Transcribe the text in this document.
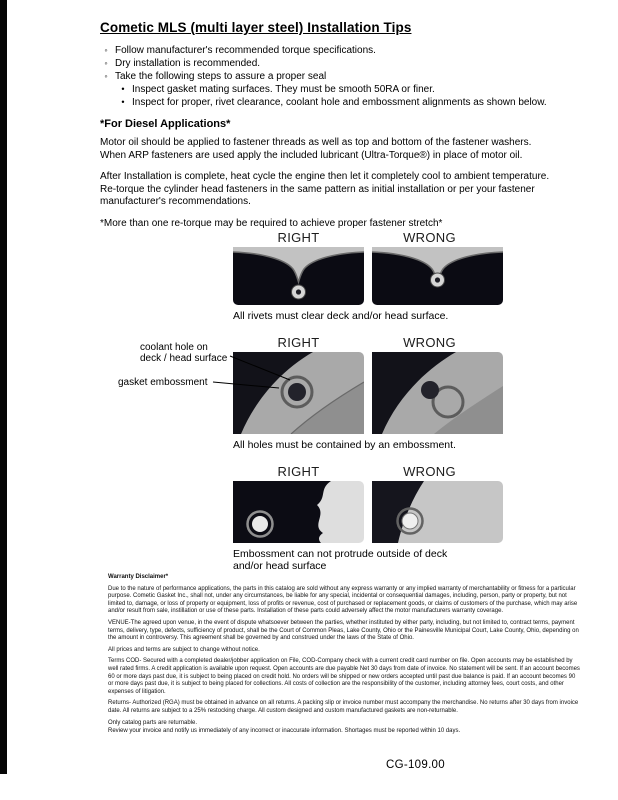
Cometic MLS (multi layer steel) Installation Tips
◦ Follow manufacturer's recommended torque specifications.
◦ Dry installation is recommended.
◦ Take the following steps to assure a proper seal
• Inspect gasket mating surfaces. They must be smooth 50RA or finer.
• Inspect for proper, rivet clearance, coolant hole and embossment alignments as shown below.
*For Diesel Applications*
Motor oil should be applied to fastener threads as well as top and bottom of the fastener washers. When ARP fasteners are used apply the included lubricant (Ultra-Torque®) in place of motor oil.
After Installation is complete, heat cycle the engine then let it completely cool to ambient temperature. Re-torque the cylinder head fasteners in the same pattern as initial installation or per your fastener manufacturer's recommendations.
*More than one re-torque may be required to achieve proper fastener stretch*
RIGHT	WRONG
All rivets must clear deck and/or head surface.
RIGHT	WRONG
All holes must be contained by an embossment.
RIGHT	WRONG
Embossment can not protrude outside of deck and/or head surface
coolant hole on
deck / head surface
gasket embossment
Warranty Disclaimer*

Due to the nature of performance applications, the parts in this catalog are sold without any express warranty or any implied warranty of merchantability or fitness for a particular purpose. Cometic Gasket Inc., shall not, under any circumstances, be liable for any special, incidental or consequential damages, including, person, party or property, but not limited to, damage, or loss of property or equipment, loss of profits or revenue, cost of purchased or replacement goods, or claims of customers of the purchase, which may arise and/or result from sale, instillation or use of these parts. Installation of these parts could adversely affect the motor manufacturers warranty coverage.

VENUE-The agreed upon venue, in the event of dispute whatsoever between the parties, whether instituted by either party, including, but not limited to, contract terms, payment terms, delivery, type, defects, sufficiency of product, shall be the Court of Common Pleas, Lake County, Ohio or the Painesville Municipal Court, Lake County, Ohio, depending on the amount in controversy. This agreement shall be governed by and construed under the laws of the State of Ohio.

All prices and terms are subject to change without notice.

Terms COD- Secured with a completed dealer/jobber application on File, COD-Company check with a current credit card number on file. Open accounts may be established by well rated firms. A credit application is available upon request. Open accounts are due payable Net 30 days from date of invoice. No statement will be sent. If an account becomes 60 or more days past due, it is subject to being placed on credit hold. No orders will be shipped or new orders accepted until past due balance is paid. If an account becomes 90 or more days past due, it is subject to being placed for collections. All costs of collection are the responsibility of the customer, including attorney fees, court costs, and other expenses of litigation.

Returns- Authorized (RGA) must be obtained in advance on all returns. A packing slip or invoice number must accompany the merchandise. No returns after 30 days from invoice date. All returns are subject to a 25% restocking charge. All custom designed and custom manufactured gaskets are non-returnable.

Only catalog parts are returnable.

Review your invoice and notify us immediately of any incorrect or inaccurate information. Shortages must be reported within 10 days.

CG-109.00
